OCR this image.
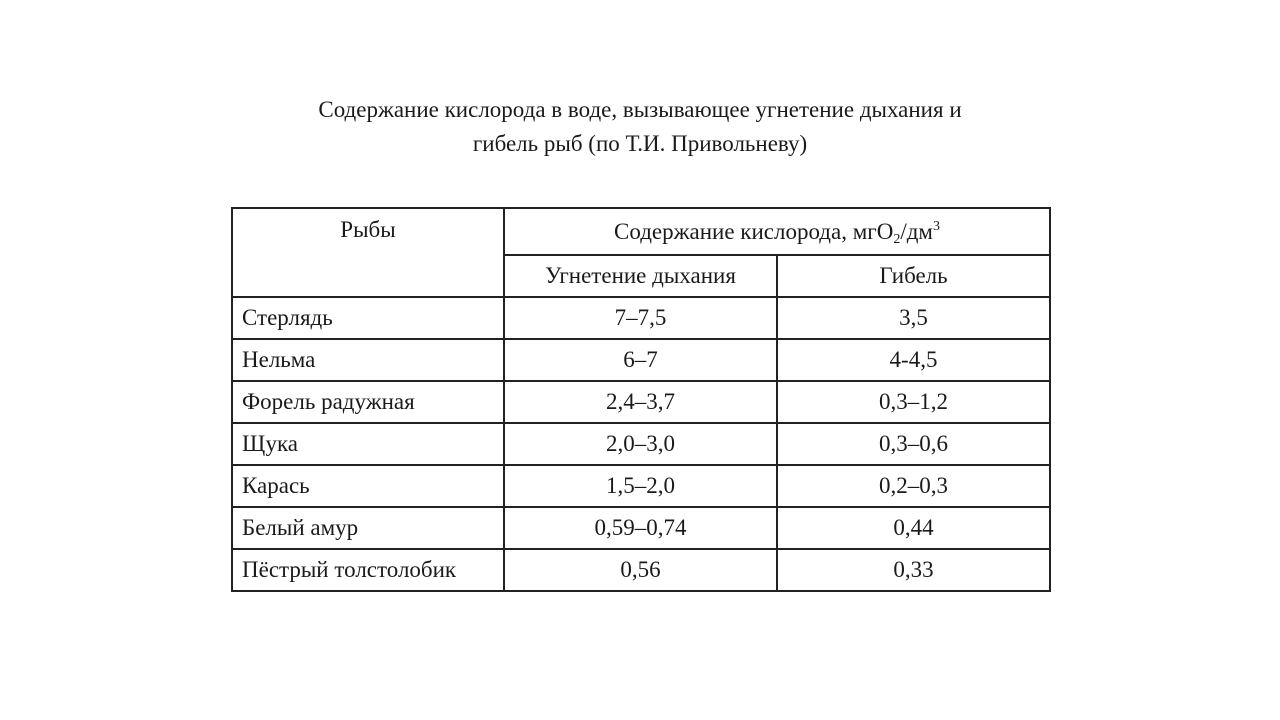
Содержание кислорода в воде, вызывающее угнетение дыхания и
гибель рыб (по Т.И. Привольневу)
Рыбы	Содержание кислорода, $мгO_2/дм^3$
	Угнетение дыхания	Гибель
Стерлядь	7–7,5	3,5
Нельма	6–7	4-4,5
Форель радужная	2,4–3,7	0,3–1,2
Щука	2,0–3,0	0,3–0,6
Карась	1,5–2,0	0,2–0,3
Белый амур	0,59–0,74	0,44
Пёстрый толстолобик	0,56	0,33
